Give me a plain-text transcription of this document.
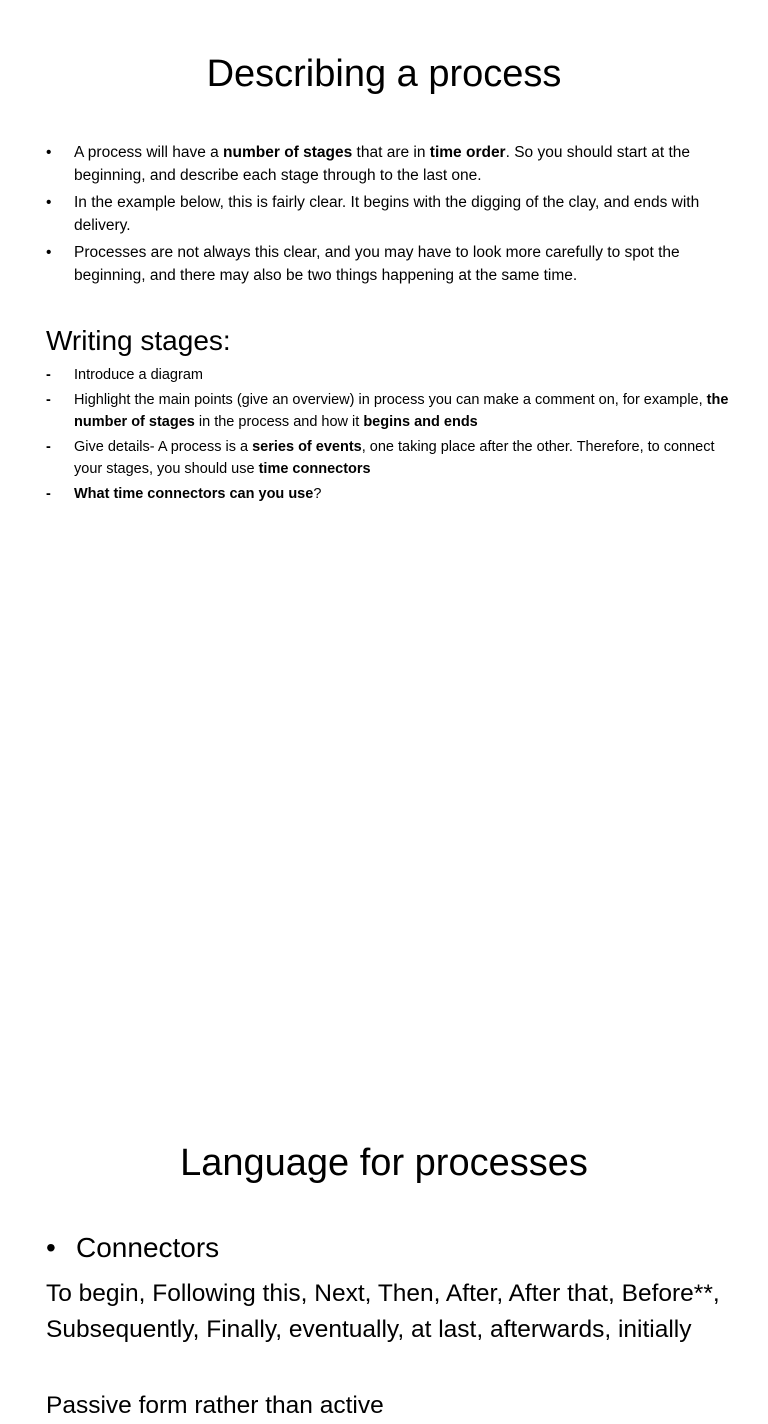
Describing a process
• A process will have a number of stages that are in time order. So you should start at the beginning, and describe each stage through to the last one.
• In the example below, this is fairly clear. It begins with the digging of the clay, and ends with delivery.
• Processes are not always this clear, and you may have to look more carefully to spot the beginning, and there may also be two things happening at the same time.
Writing stages:
- Introduce a diagram
- Highlight the main points (give an overview) in process you can make a comment on, for example, the number of stages in the process and how it begins and ends
- Give details- A process is a series of events, one taking place after the other. Therefore, to connect your stages, you should use time connectors
- What time connectors can you use?
Language for processes
• Connectors

To begin, Following this, Next, Then, After, After that, Before**, Subsequently, Finally, eventually, at last, afterwards, initially

Passive form rather than active
